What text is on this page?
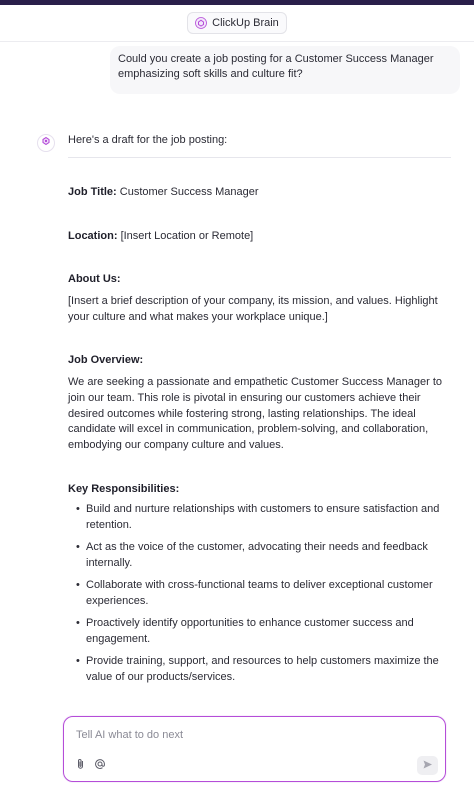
ClickUp Brain
Could you create a job posting for a Customer Success Manager emphasizing soft skills and culture fit?
Here's a draft for the job posting:
Job Title: Customer Success Manager
Location: [Insert Location or Remote]
About Us:
[Insert a brief description of your company, its mission, and values. Highlight your culture and what makes your workplace unique.]
Job Overview:
We are seeking a passionate and empathetic Customer Success Manager to join our team. This role is pivotal in ensuring our customers achieve their desired outcomes while fostering strong, lasting relationships. The ideal candidate will excel in communication, problem-solving, and collaboration, embodying our company culture and values.
Key Responsibilities:
• Build and nurture relationships with customers to ensure satisfaction and retention.
• Act as the voice of the customer, advocating their needs and feedback internally.
• Collaborate with cross-functional teams to deliver exceptional customer experiences.
• Proactively identify opportunities to enhance customer success and engagement.
• Provide training, support, and resources to help customers maximize the value of our products/services.
Tell AI what to do next
